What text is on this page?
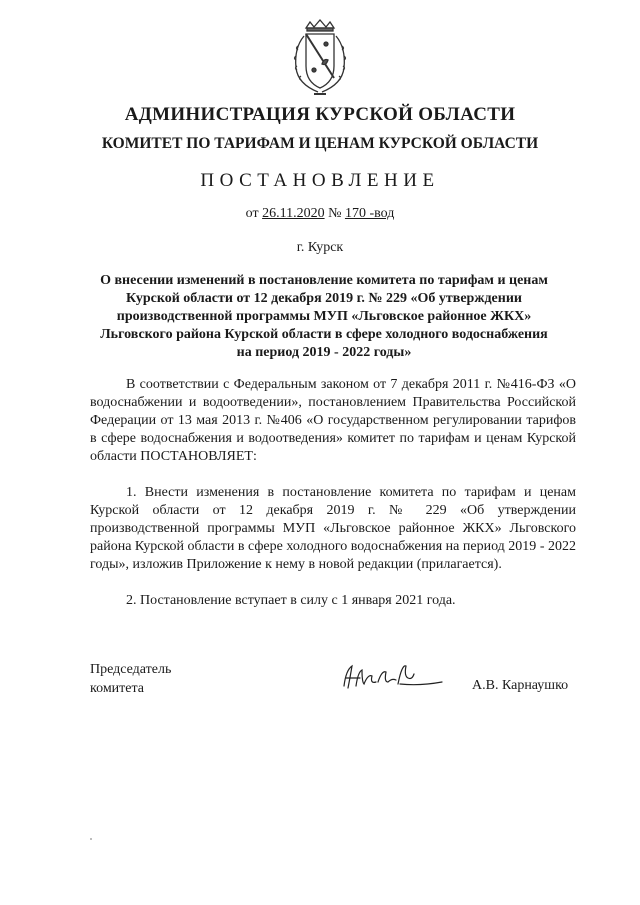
АДМИНИСТРАЦИЯ КУРСКОЙ ОБЛАСТИ
КОМИТЕТ ПО ТАРИФАМ И ЦЕНАМ КУРСКОЙ ОБЛАСТИ
ПОСТАНОВЛЕНИЕ
от 26.11.2020 № 170 -вод
г. Курск
О внесении изменений в постановление комитета по тарифам и ценам
Курской области от 12 декабря 2019 г. № 229 «Об утверждении
производственной программы МУП «Льговское районное ЖКХ»
Льговского района Курской области в сфере холодного водоснабжения
на период 2019 - 2022 годы»
В соответствии с Федеральным законом от 7 декабря 2011 г. №416-ФЗ «О водоснабжении и водоотведении», постановлением Правительства Российской Федерации от 13 мая 2013 г. №406 «О государственном регулировании тарифов в сфере водоснабжения и водоотведения» комитет по тарифам и ценам Курской области ПОСТАНОВЛЯЕТ:
1. Внести изменения в постановление комитета по тарифам и ценам Курской области от 12 декабря 2019 г. № 229 «Об утверждении производственной программы МУП «Льговское районное ЖКХ» Льговского района Курской области в сфере холодного водоснабжения на период 2019 - 2022 годы», изложив Приложение к нему в новой редакции (прилагается).
2. Постановление вступает в силу с 1 января 2021 года.
Председатель
комитета	А.В. Карнаушко
